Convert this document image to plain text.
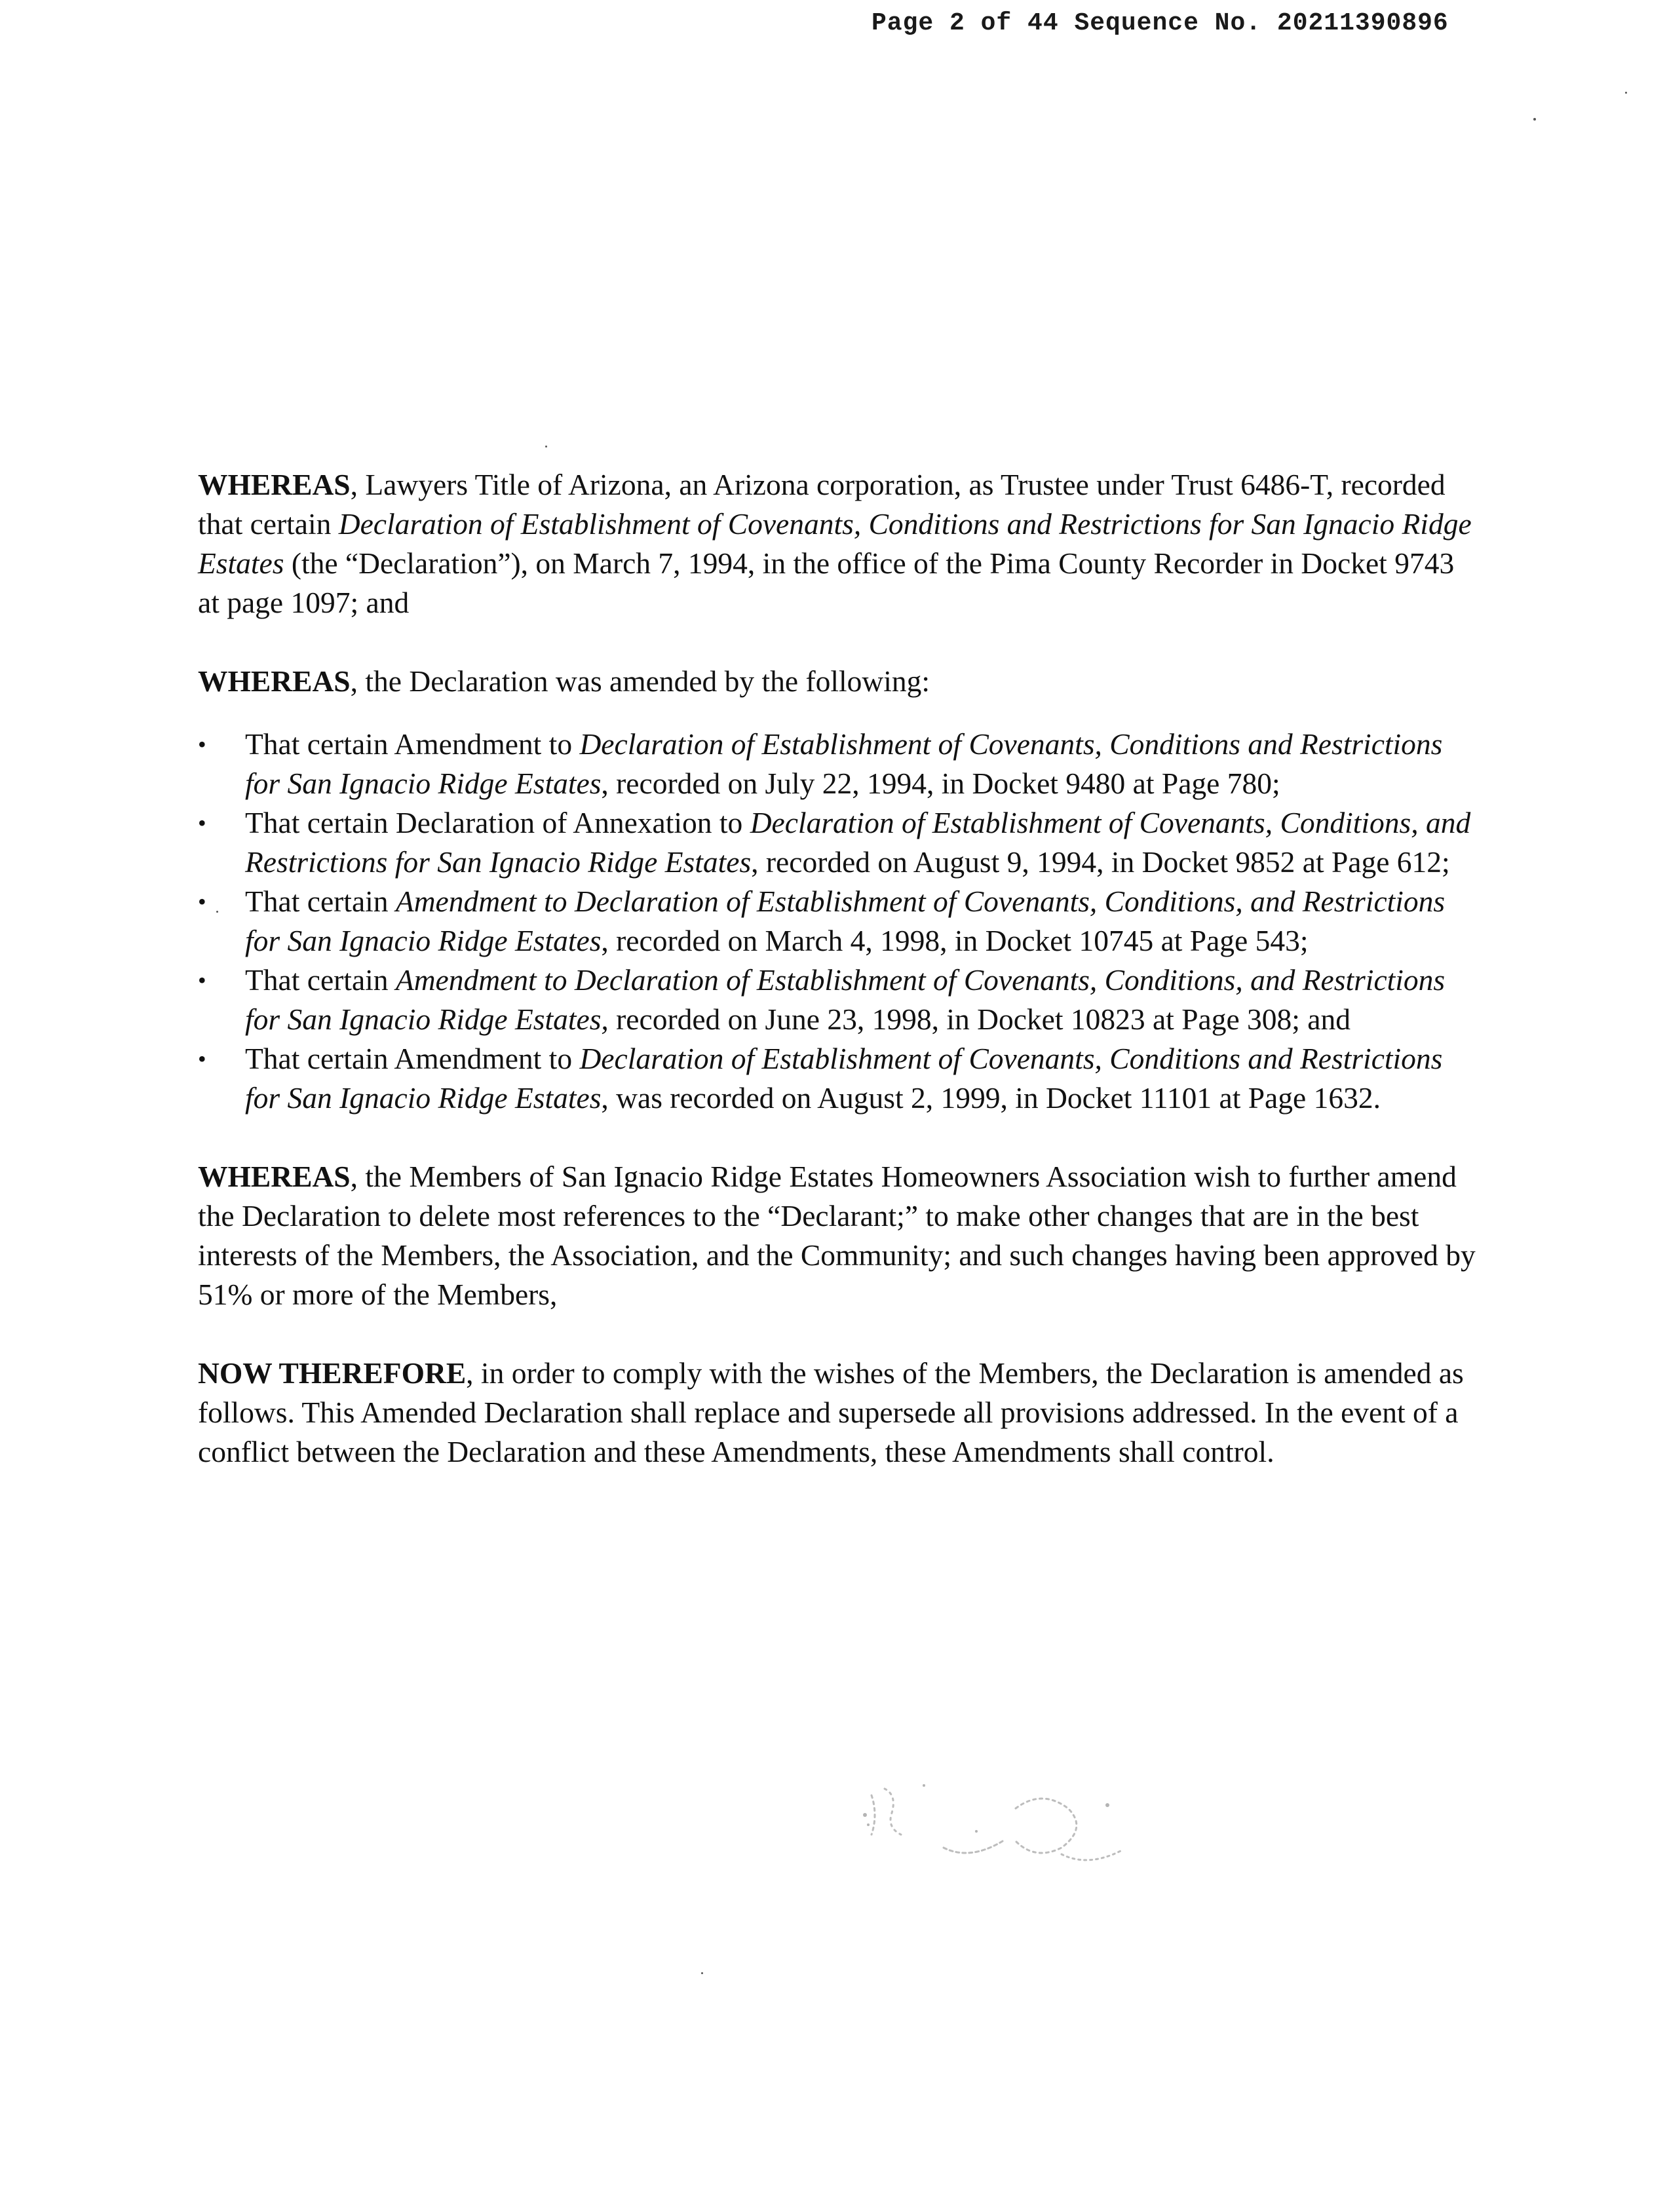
Page 2 of 44 Sequence No. 20211390896

WHEREAS, Lawyers Title of Arizona, an Arizona corporation, as Trustee under Trust 6486-T, recorded that certain Declaration of Establishment of Covenants, Conditions and Restrictions for San Ignacio Ridge Estates (the “Declaration”), on March 7, 1994, in the office of the Pima County Recorder in Docket 9743 at page 1097; and

WHEREAS, the Declaration was amended by the following:

• That certain Amendment to Declaration of Establishment of Covenants, Conditions and Restrictions for San Ignacio Ridge Estates, recorded on July 22, 1994, in Docket 9480 at Page 780;
• That certain Declaration of Annexation to Declaration of Establishment of Covenants, Conditions, and Restrictions for San Ignacio Ridge Estates, recorded on August 9, 1994, in Docket 9852 at Page 612;
• That certain Amendment to Declaration of Establishment of Covenants, Conditions, and Restrictions for San Ignacio Ridge Estates, recorded on March 4, 1998, in Docket 10745 at Page 543;
• That certain Amendment to Declaration of Establishment of Covenants, Conditions, and Restrictions for San Ignacio Ridge Estates, recorded on June 23, 1998, in Docket 10823 at Page 308; and
• That certain Amendment to Declaration of Establishment of Covenants, Conditions and Restrictions for San Ignacio Ridge Estates, was recorded on August 2, 1999, in Docket 11101 at Page 1632.

WHEREAS, the Members of San Ignacio Ridge Estates Homeowners Association wish to further amend the Declaration to delete most references to the “Declarant;” to make other changes that are in the best interests of the Members, the Association, and the Community; and such changes having been approved by 51% or more of the Members,

NOW THEREFORE, in order to comply with the wishes of the Members, the Declaration is amended as follows. This Amended Declaration shall replace and supersede all provisions addressed. In the event of a conflict between the Declaration and these Amendments, these Amendments shall control.
